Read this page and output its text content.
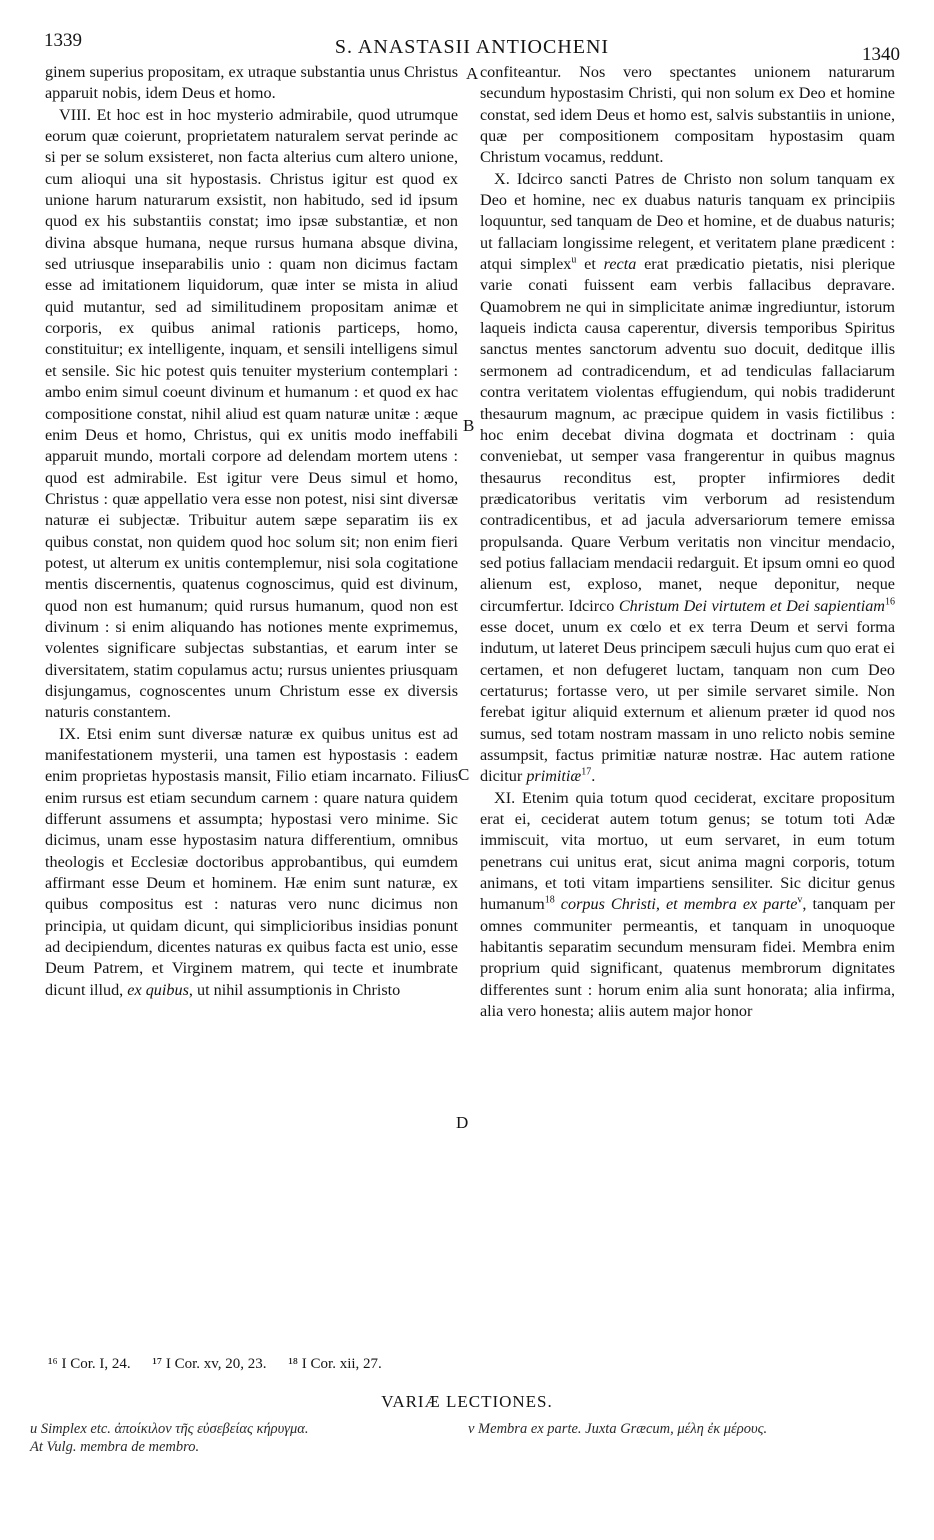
1339	S. ANASTASII ANTIOCHENI	1340
A
B
C
D

ginem superius propositam, ex utraque substantia unus Christus apparuit nobis, idem Deus et homo.

VIII. Et hoc est in hoc mysterio admirabile, quod utrumque eorum quæ coierunt, proprietatem naturalem servat perinde ac si per se solum exsisteret, non facta alterius cum altero unione, cum alioqui una sit hypostasis. Christus igitur est quod ex unione harum naturarum exsistit, non habitudo, sed id ipsum quod ex his substantiis constat; imo ipsæ substantiæ, et non divina absque humana, neque rursus humana absque divina, sed utriusque inseparabilis unio : quam non dicimus factam esse ad imitationem liquidorum, quæ inter se mista in aliud quid mutantur, sed ad similitudinem propositam animæ et corporis, ex quibus animal rationis particeps, homo, constituitur; ex intelligente, inquam, et sensili intelligens simul et sensile. Sic hic potest quis tenuiter mysterium contemplari : ambo enim simul coeunt divinum et humanum : et quod ex hac compositione constat, nihil aliud est quam naturæ unitæ : æque enim Deus et homo, Christus, qui ex unitis modo ineffabili apparuit mundo, mortali corpore ad delendam mortem utens : quod est admirabile. Est igitur vere Deus simul et homo, Christus : quæ appellatio vera esse non potest, nisi sint diversæ naturæ ei subjectæ. Tribuitur autem sæpe separatim iis ex quibus constat, non quidem quod hoc solum sit; non enim fieri potest, ut alterum ex unitis contemplemur, nisi sola cogitatione mentis discernentis, quatenus cognoscimus, quid est divinum, quod non est humanum; quid rursus humanum, quod non est divinum : si enim aliquando has notiones mente exprimemus, volentes significare subjectas substantias, et earum inter se diversitatem, statim copulamus actu; rursus unientes priusquam disjungamus, cognoscentes unum Christum esse ex diversis naturis constantem.

IX. Etsi enim sunt diversæ naturæ ex quibus unitus est ad manifestationem mysterii, una tamen est hypostasis : eadem enim proprietas hypostasis mansit, Filio etiam incarnato. Filius enim rursus est etiam secundum carnem : quare natura quidem differunt assumens et assumpta; hypostasi vero minime. Sic dicimus, unam esse hypostasim natura differentium, omnibus theologis et Ecclesiæ doctoribus approbantibus, qui eumdem affirmant esse Deum et hominem. Hæ enim sunt naturæ, ex quibus compositus est : naturas vero nunc dicimus non principia, ut quidam dicunt, qui simplicioribus insidias ponunt ad decipiendum, dicentes naturas ex quibus facta est unio, esse Deum Patrem, et Virginem matrem, qui tecte et inumbrate dicunt illud, ex quibus, ut nihil assumptionis in Christo

confiteantur. Nos vero spectantes unionem naturarum secundum hypostasim Christi, qui non solum ex Deo et homine constat, sed idem Deus et homo est, salvis substantiis in unione, quæ per compositionem compositam hypostasim quam Christum vocamus, reddunt.

X. Idcirco sancti Patres de Christo non solum tanquam ex Deo et homine, nec ex duabus naturis tanquam ex principiis loquuntur, sed tanquam de Deo et homine, et de duabus naturis; ut fallaciam longissime relegent, et veritatem plane prædicent : atqui simplex$^u$ et recta erat prædicatio pietatis, nisi plerique varie conati fuissent eam verbis fallacibus depravare. Quamobrem ne qui in simplicitate animæ ingrediuntur, istorum laqueis indicta causa caperentur, diversis temporibus Spiritus sanctus mentes sanctorum adventu suo docuit, deditque illis sermonem ad contradicendum, et ad tendiculas fallaciarum contra veritatem violentas effugiendum, qui nobis tradiderunt thesaurum magnum, ac præcipue quidem in vasis fictilibus : hoc enim decebat divina dogmata et doctrinam : quia conveniebat, ut semper vasa frangerentur in quibus magnus thesaurus reconditus est, propter infirmiores dedit prædicatoribus veritatis vim verborum ad resistendum contradicentibus, et ad jacula adversariorum temere emissa propulsanda. Quare Verbum veritatis non vincitur mendacio, sed potius fallaciam mendacii redarguit. Et ipsum omni eo quod alienum est, exploso, manet, neque deponitur, neque circumfertur. Idcirco Christum Dei virtutem et Dei sapientiam$^{16}$ esse docet, unum ex cœlo et ex terra Deum et servi forma indutum, ut lateret Deus principem sæculi hujus cum quo erat ei certamen, et non defugeret luctam, tanquam non cum Deo certaturus; fortasse vero, ut per simile servaret simile. Non ferebat igitur aliquid externum et alienum præter id quod nos sumus, sed totam nostram massam in uno relicto nobis semine assumpsit, factus primitiæ naturæ nostræ. Hac autem ratione dicitur primitiæ$^{17}$.

XI. Etenim quia totum quod ceciderat, excitare propositum erat ei, ceciderat autem totum genus; se totum toti Adæ immiscuit, vita mortuo, ut eum servaret, in eum totum penetrans cui unitus erat, sicut anima magni corporis, totum animans, et toti vitam impartiens sensiliter. Sic dicitur genus humanum$^{18}$ corpus Christi, et membra ex parte$^v$, tanquam per omnes communiter permeantis, et tanquam in unoquoque habitantis separatim secundum mensuram fidei. Membra enim proprium quid significant, quatenus membrorum dignitates differentes sunt : horum enim alia sunt honorata; alia infirma, alia vero honesta; aliis autem major honor

¹⁶ I Cor. I, 24. ¹⁷ I Cor. xv, 20, 23. ¹⁸ I Cor. xii, 27.
VARIÆ LECTIONES.
u Simplex etc. ἀποίκιλον τῆς εὐσεβείας κήρυγμα.
At Vulg. membra de membro.
v Membra ex parte. Juxta Græcum, μέλη ἐκ μέρους.
